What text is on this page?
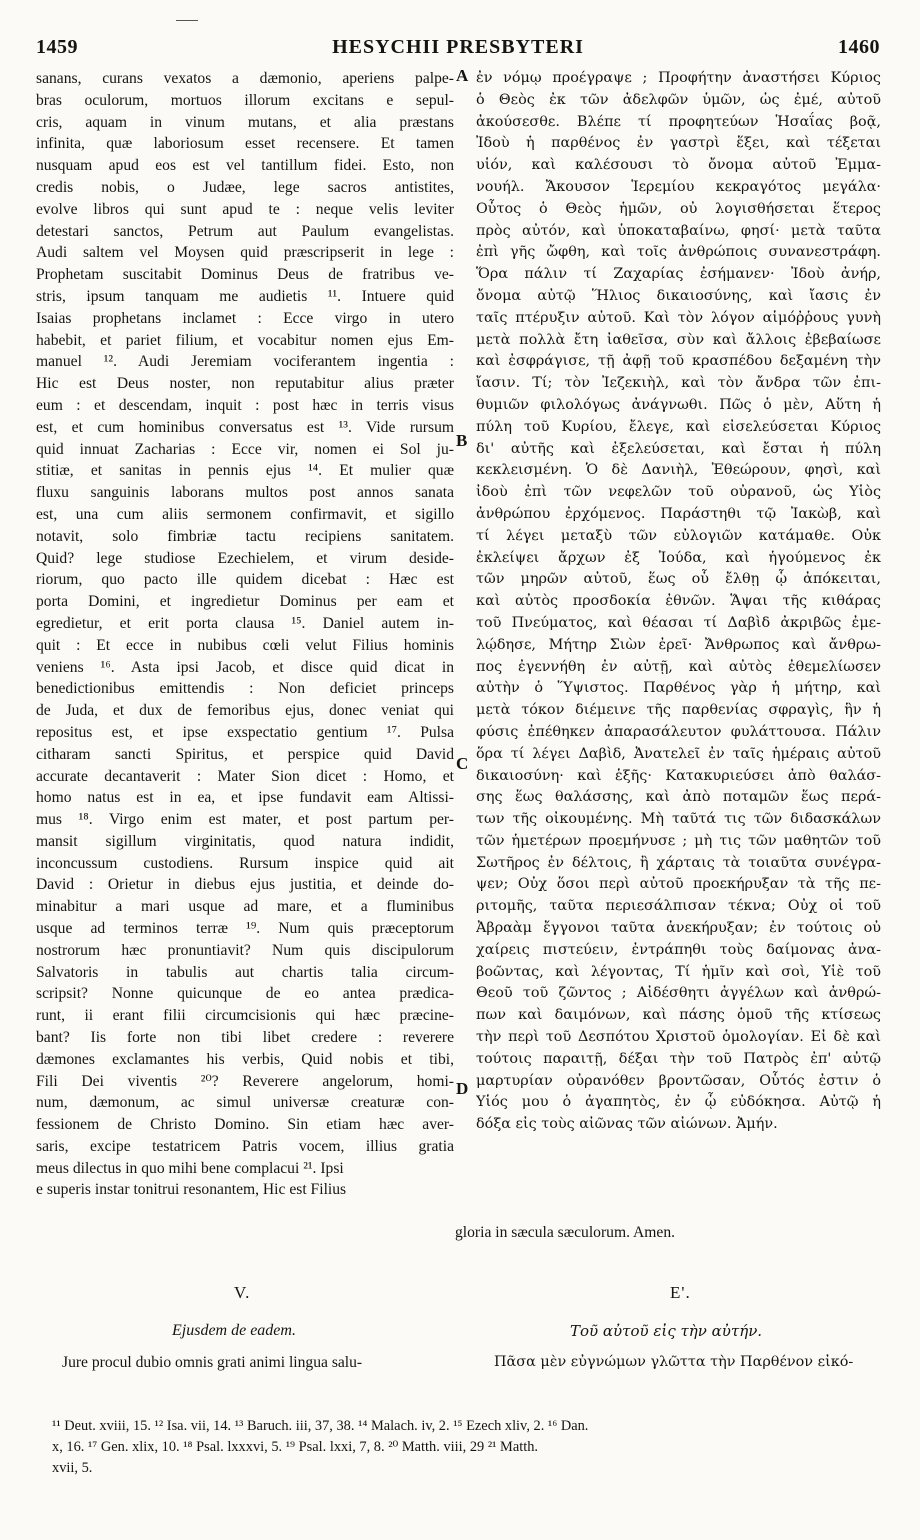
1459	HESYCHII PRESBYTERI	1460
sanans, curans vexatos a dæmonio, aperiens palpe-
bras oculorum, mortuos illorum excitans e sepul-
cris, aquam in vinum mutans, et alia præstans
infinita, quæ laboriosum esset recensere. Et tamen
nusquam apud eos est vel tantillum fidei. Esto, non
credis nobis, o Judæe, lege sacros antistites,
evolve libros qui sunt apud te : neque velis leviter
detestari sanctos, Petrum aut Paulum evangelistas.
Audi saltem vel Moysen quid præscripserit in lege :
Prophetam suscitabit Dominus Deus de fratribus ve-
stris, ipsum tanquam me audietis ¹¹. Intuere quid
Isaias prophetans inclamet : Ecce virgo in utero
habebit, et pariet filium, et vocabitur nomen ejus Em-
manuel ¹². Audi Jeremiam vociferantem ingentia :
Hic est Deus noster, non reputabitur alius præter
eum : et descendam, inquit : post hæc in terris visus
est, et cum hominibus conversatus est ¹³. Vide rursum
quid innuat Zacharias : Ecce vir, nomen ei Sol ju-
stitiæ, et sanitas in pennis ejus ¹⁴. Et mulier quæ
fluxu sanguinis laborans multos post annos sanata
est, una cum aliis sermonem confirmavit, et sigillo
notavit, solo fimbriæ tactu recipiens sanitatem.
Quid? lege studiose Ezechielem, et virum deside-
riorum, quo pacto ille quidem dicebat : Hæc est
porta Domini, et ingredietur Dominus per eam et
egredietur, et erit porta clausa ¹⁵. Daniel autem in-
quit : Et ecce in nubibus cœli velut Filius hominis
veniens ¹⁶. Asta ipsi Jacob, et disce quid dicat in
benedictionibus emittendis : Non deficiet princeps
de Juda, et dux de femoribus ejus, donec veniat qui
repositus est, et ipse exspectatio gentium ¹⁷. Pulsa
citharam sancti Spiritus, et perspice quid David
accurate decantaverit : Mater Sion dicet : Homo, et
homo natus est in ea, et ipse fundavit eam Altissi-
mus ¹⁸. Virgo enim est mater, et post partum per-
mansit sigillum virginitatis, quod natura indidit,
inconcussum custodiens. Rursum inspice quid ait
David : Orietur in diebus ejus justitia, et deinde do-
minabitur a mari usque ad mare, et a fluminibus
usque ad terminos terræ ¹⁹. Num quis præceptorum
nostrorum hæc pronuntiavit? Num quis discipulorum
Salvatoris in tabulis aut chartis talia circum-
scripsit? Nonne quicunque de eo antea prædica-
runt, ii erant filii circumcisionis qui hæc præcine-
bant? Iis forte non tibi libet credere : reverere
dæmones exclamantes his verbis, Quid nobis et tibi,
Fili Dei viventis ²⁰? Reverere angelorum, homi-
num, dæmonum, ac simul universæ creaturæ con-
fessionem de Christo Domino. Sin etiam hæc aver-
saris, excipe testatricem Patris vocem, illius gratia
meus dilectus in quo mihi bene complacui ²¹. Ipsi
ἐν νόμῳ προέγραψε ; Προφήτην ἀναστήσει Κύριος
ὁ Θεὸς ἐκ τῶν ἀδελφῶν ὑμῶν, ὡς ἐμέ, αὐτοῦ
ἀκούσεσθε. Βλέπε τί προφητεύων Ἡσαΐας βοᾷ,
Ἰδοὺ ἡ παρθένος ἐν γαστρὶ ἕξει, καὶ τέξεται
υἱόν, καὶ καλέσουσι τὸ ὄνομα αὐτοῦ Ἐμμα-
νουήλ. Ἄκουσον Ἱερεμίου κεκραγότος μεγάλα·
Οὗτος ὁ Θεὸς ἡμῶν, οὐ λογισθήσεται ἕτερος
πρὸς αὐτόν, καὶ ὑποκαταβαίνω, φησί· μετὰ ταῦτα
ἐπὶ γῆς ὤφθη, καὶ τοῖς ἀνθρώποις συνανεστράφη.
Ὅρα πάλιν τί Ζαχαρίας ἐσήμανεν· Ἰδοὺ ἀνήρ,
ὄνομα αὐτῷ Ἥλιος δικαιοσύνης, καὶ ἴασις ἐν
ταῖς πτέρυξιν αὐτοῦ. Καὶ τὸν λόγον αἱμόῤῥους γυνὴ
μετὰ πολλὰ ἔτη ἰαθεῖσα, σὺν καὶ ἄλλοις ἐβεβαίωσε
καὶ ἐσφράγισε, τῇ ἀφῇ τοῦ κρασπέδου δεξαμένη τὴν
ἴασιν. Τί; τὸν Ἰεζεκιὴλ, καὶ τὸν ἄνδρα τῶν ἐπι-
θυμιῶν φιλολόγως ἀνάγνωθι. Πῶς ὁ μὲν, Αὕτη ἡ
πύλη τοῦ Κυρίου, ἔλεγε, καὶ εἰσελεύσεται Κύριος
δι' αὐτῆς καὶ ἐξελεύσεται, καὶ ἔσται ἡ πύλη
κεκλεισμένη. Ὁ δὲ Δανιὴλ, Ἐθεώρουν, φησὶ, καὶ
ἰδοὺ ἐπὶ τῶν νεφελῶν τοῦ οὐρανοῦ, ὡς Υἱὸς
ἀνθρώπου ἐρχόμενος. Παράστηθι τῷ Ἰακὼβ, καὶ
τί λέγει μεταξὺ τῶν εὐλογιῶν κατάμαθε. Οὐκ
ἐκλείψει ἄρχων ἐξ Ἰούδα, καὶ ἡγούμενος ἐκ
τῶν μηρῶν αὐτοῦ, ἕως οὗ ἔλθῃ ᾧ ἀπόκειται,
καὶ αὐτὸς προσδοκία ἐθνῶν. Ἅψαι τῆς κιθάρας
τοῦ Πνεύματος, καὶ θέασαι τί Δαβὶδ ἀκριβῶς ἐμε-
λῴδησε, Μήτηρ Σιὼν ἐρεῖ· Ἄνθρωπος καὶ ἄνθρω-
πος ἐγεννήθη ἐν αὐτῇ, καὶ αὐτὸς ἐθεμελίωσεν
αὐτὴν ὁ Ὕψιστος. Παρθένος γὰρ ἡ μήτηρ, καὶ
μετὰ τόκον διέμεινε τῆς παρθενίας σφραγὶς, ἣν ἡ
φύσις ἐπέθηκεν ἀπαρασάλευτον φυλάττουσα. Πάλιν
ὅρα τί λέγει Δαβὶδ, Ἀνατελεῖ ἐν ταῖς ἡμέραις αὐτοῦ
δικαιοσύνη· καὶ ἑξῆς· Κατακυριεύσει ἀπὸ θαλάσ-
σης ἕως θαλάσσης, καὶ ἀπὸ ποταμῶν ἕως περά-
των τῆς οἰκουμένης. Μὴ ταῦτά τις τῶν διδασκάλων
τῶν ἡμετέρων προεμήνυσε ; μὴ τις τῶν μαθητῶν τοῦ
Σωτῆρος ἐν δέλτοις, ἢ χάρταις τὰ τοιαῦτα συνέγρα-
ψεν; Οὐχ ὅσοι περὶ αὐτοῦ προεκήρυξαν τὰ τῆς πε-
ριτομῆς, ταῦτα περιεσάλπισαν τέκνα; Οὐχ οἱ τοῦ
Ἀβραὰμ ἔγγονοι ταῦτα ἀνεκήρυξαν; ἐν τούτοις οὐ
χαίρεις πιστεύειν, ἐντράπηθι τοὺς δαίμονας ἀνα-
βοῶντας, καὶ λέγοντας, Τί ἡμῖν καὶ σοὶ, Υἱὲ τοῦ
Θεοῦ τοῦ ζῶντος ; Αἰδέσθητι ἀγγέλων καὶ ἀνθρώ-
πων καὶ δαιμόνων, καὶ πάσης ὁμοῦ τῆς κτίσεως
τὴν περὶ τοῦ Δεσπότου Χριστοῦ ὁμολογίαν. Εἰ δὲ καὶ
τούτοις παραιτῇ, δέξαι τὴν τοῦ Πατρὸς ἐπ' αὐτῷ
μαρτυρίαν οὐρανόθεν βροντῶσαν, Οὗτός ἐστιν ὁ
Υἱός μου ὁ ἀγαπητὸς, ἐν ᾧ εὐδόκησα. Αὐτῷ ἡ
δόξα εἰς τοὺς αἰῶνας τῶν αἰώνων. Ἀμήν.
A
B
C
D
e superis instar tonitrui resonantem, Hic est Filius
gloria in sæcula sæculorum. Amen.
V.	Ε'.
Ejusdem de eadem.	Τοῦ αὐτοῦ εἰς τὴν αὐτήν.
Jure procul dubio omnis grati animi lingua salu-	Πᾶσα μὲν εὐγνώμων γλῶττα τὴν Παρθένον εἰκό-
¹¹ Deut. xviii, 15. ¹² Isa. vii, 14. ¹³ Baruch. iii, 37, 38. ¹⁴ Malach. iv, 2. ¹⁵ Ezech xliv, 2. ¹⁶ Dan.
x, 16. ¹⁷ Gen. xlix, 10. ¹⁸ Psal. lxxxvi, 5. ¹⁹ Psal. lxxi, 7, 8. ²⁰ Matth. viii, 29 ²¹ Matth.
xvii, 5.
